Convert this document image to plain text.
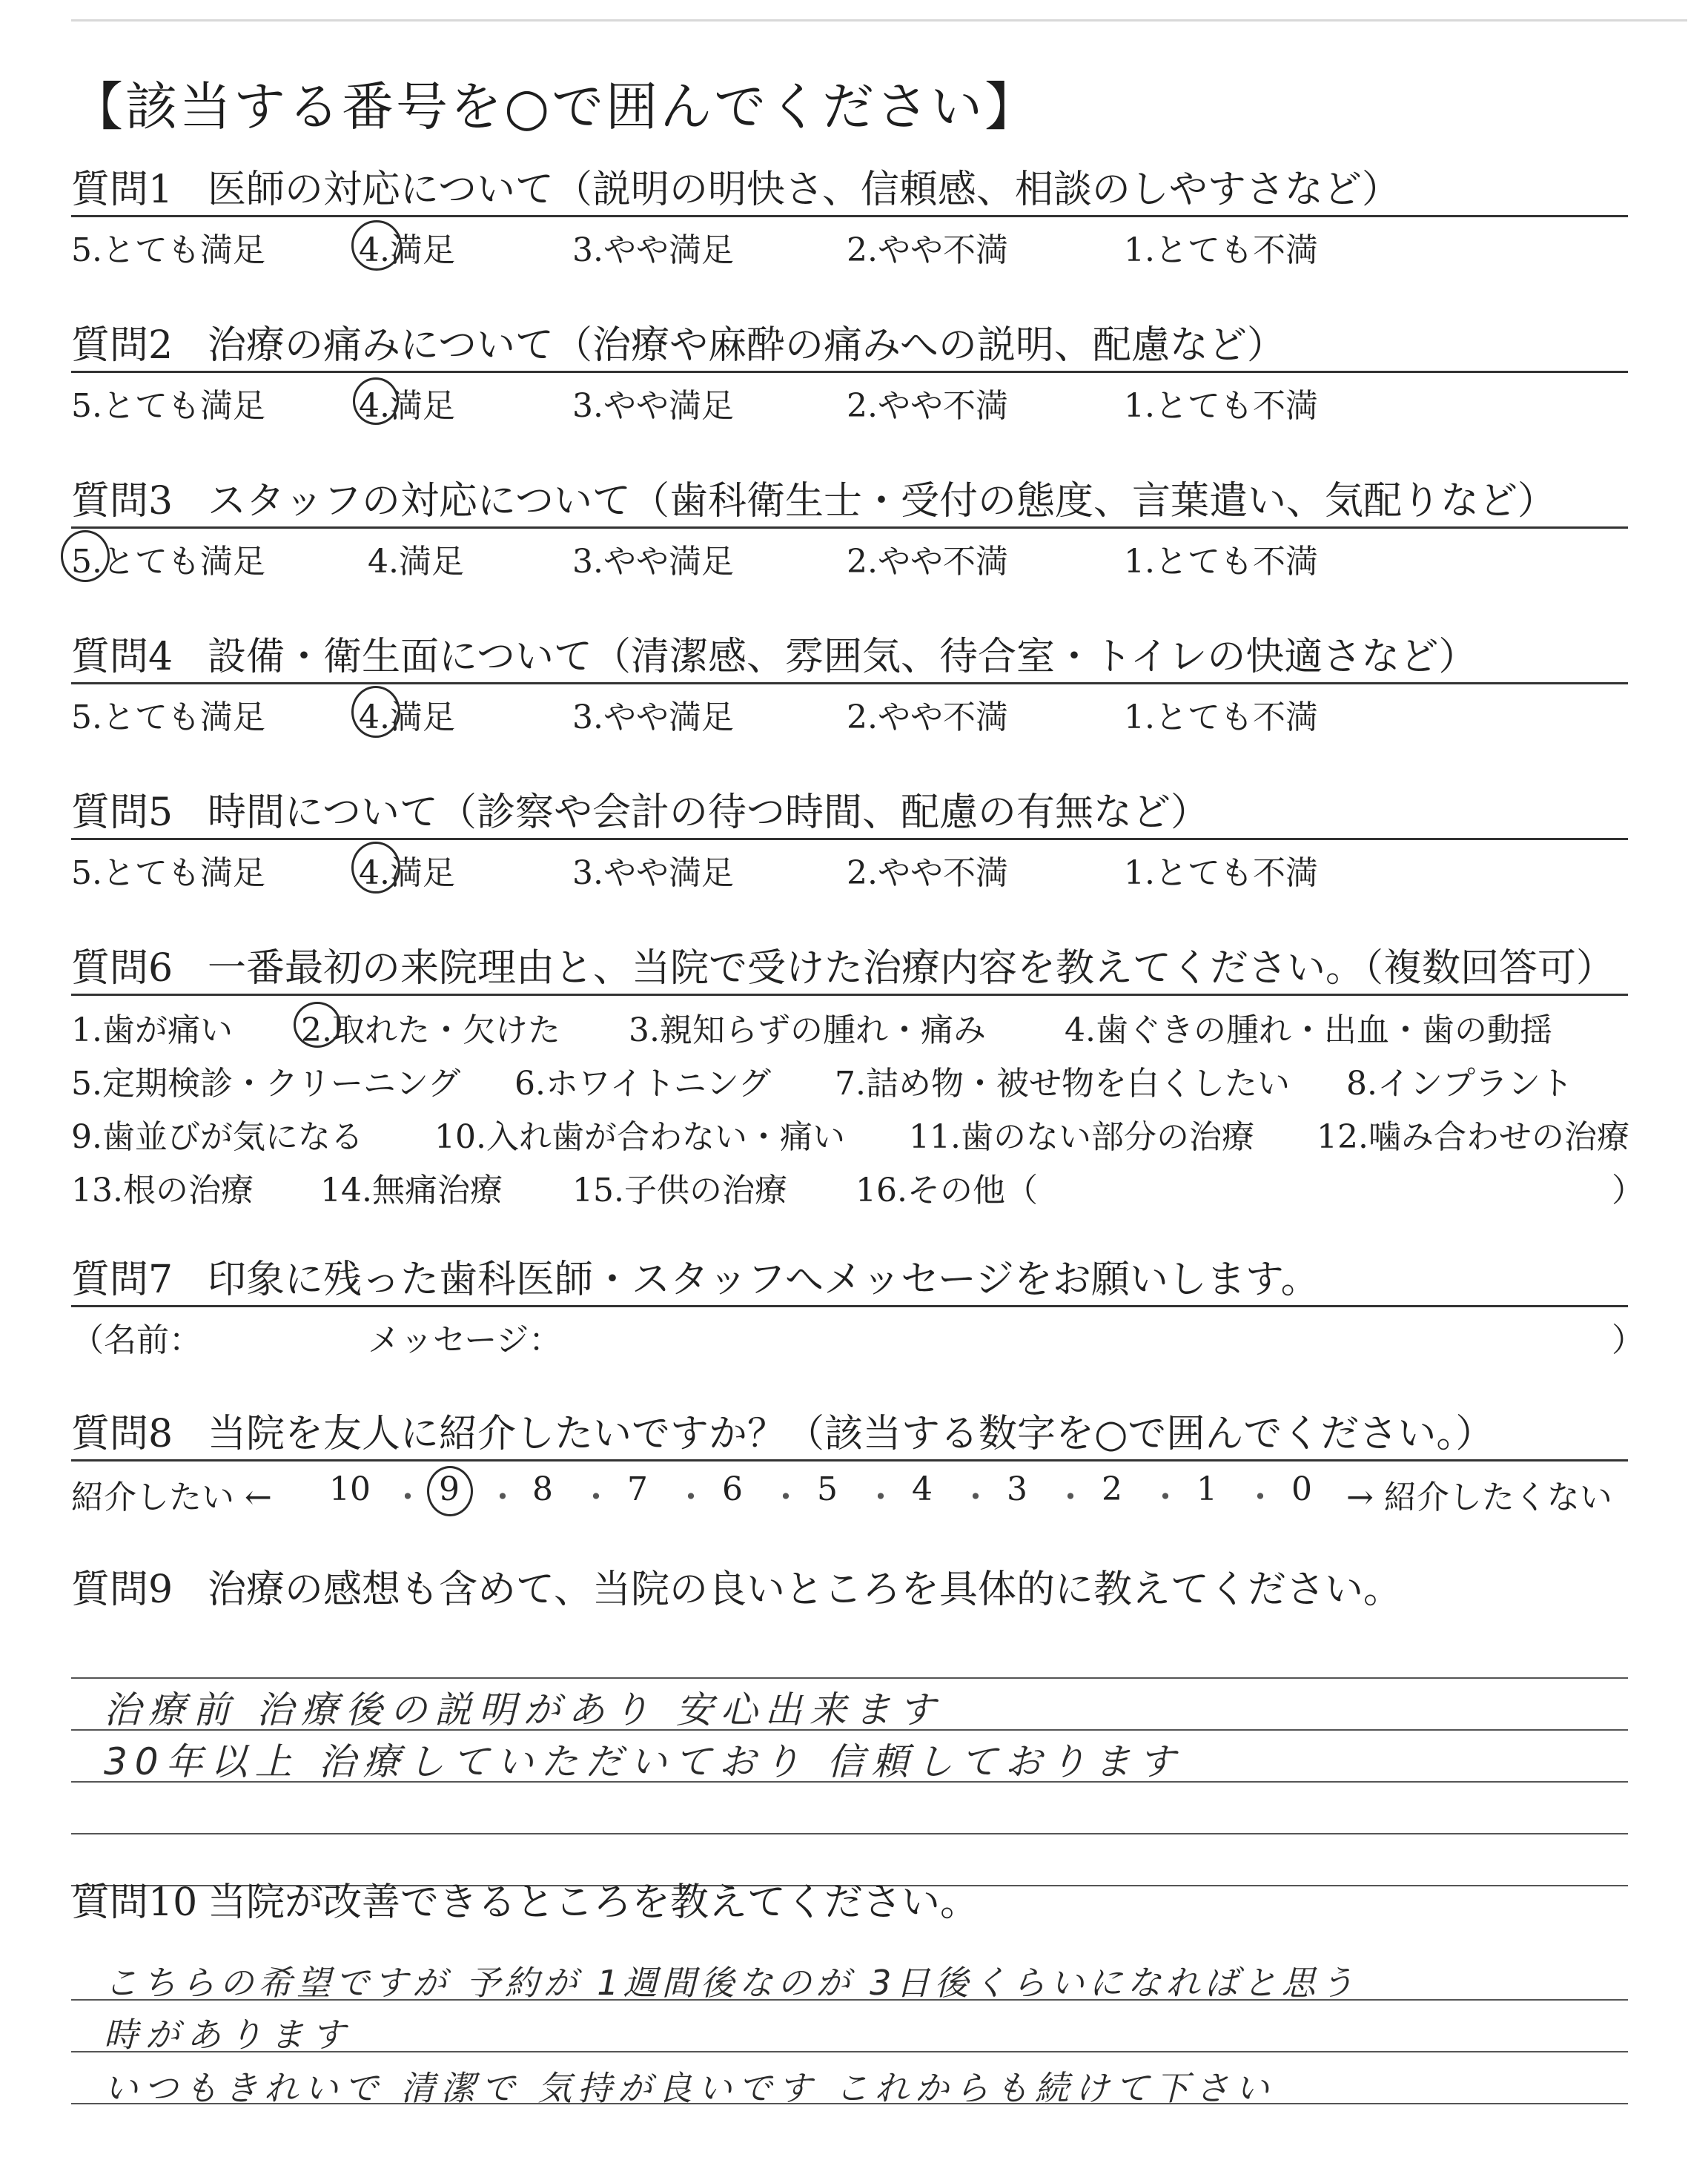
【該当する番号を○で囲んでください】
質問1 医師の対応について（説明の明快さ、信頼感、相談のしやすさなど）
5.とても満足	4.満足	3.やや満足	2.やや不満	1.とても不満
質問2 治療の痛みについて（治療や麻酔の痛みへの説明、配慮など）
5.とても満足	4.満足	3.やや満足	2.やや不満	1.とても不満
質問3 スタッフの対応について（歯科衛生士・受付の態度、言葉遣い、気配りなど）
5.とても満足	4.満足	3.やや満足	2.やや不満	1.とても不満
質問4 設備・衛生面について（清潔感、雰囲気、待合室・トイレの快適さなど）
5.とても満足	4.満足	3.やや満足	2.やや不満	1.とても不満
質問5 時間について（診察や会計の待つ時間、配慮の有無など）
5.とても満足	4.満足	3.やや満足	2.やや不満	1.とても不満
質問6 一番最初の来院理由と、当院で受けた治療内容を教えてください。（複数回答可）
1.歯が痛い 2.取れた・欠けた 3.親知らずの腫れ・痛み 4.歯ぐきの腫れ・出血・歯の動揺
5.定期検診・クリーニング 6.ホワイトニング 7.詰め物・被せ物を白くしたい 8.インプラント
9.歯並びが気になる 10.入れ歯が合わない・痛い 11.歯のない部分の治療 12.噛み合わせの治療
13.根の治療 14.無痛治療 15.子供の治療 16.その他（	）
質問7 印象に残った歯科医師・スタッフへメッセージをお願いします。
（名前：	メッセージ：	）
質問8 当院を友人に紹介したいですか？（該当する数字を○で囲んでください。）
紹介したい ← 10 ・ 9 ・ 8 ・ 7 ・ 6 ・ 5 ・ 4 ・ 3 ・ 2 ・ 1 ・ 0 → 紹介したくない
質問9 治療の感想も含めて、当院の良いところを具体的に教えてください。
治療前 治療後の説明があり 安心出来ます
30年以上 治療していただいており 信頼しております
質問10 当院が改善できるところを教えてください。
こちらの希望ですが 予約が 1週間後なのが 3日後くらいになればと思う
時があります
いつもきれいで 清潔で 気持が良いです これからも続けて下さい
